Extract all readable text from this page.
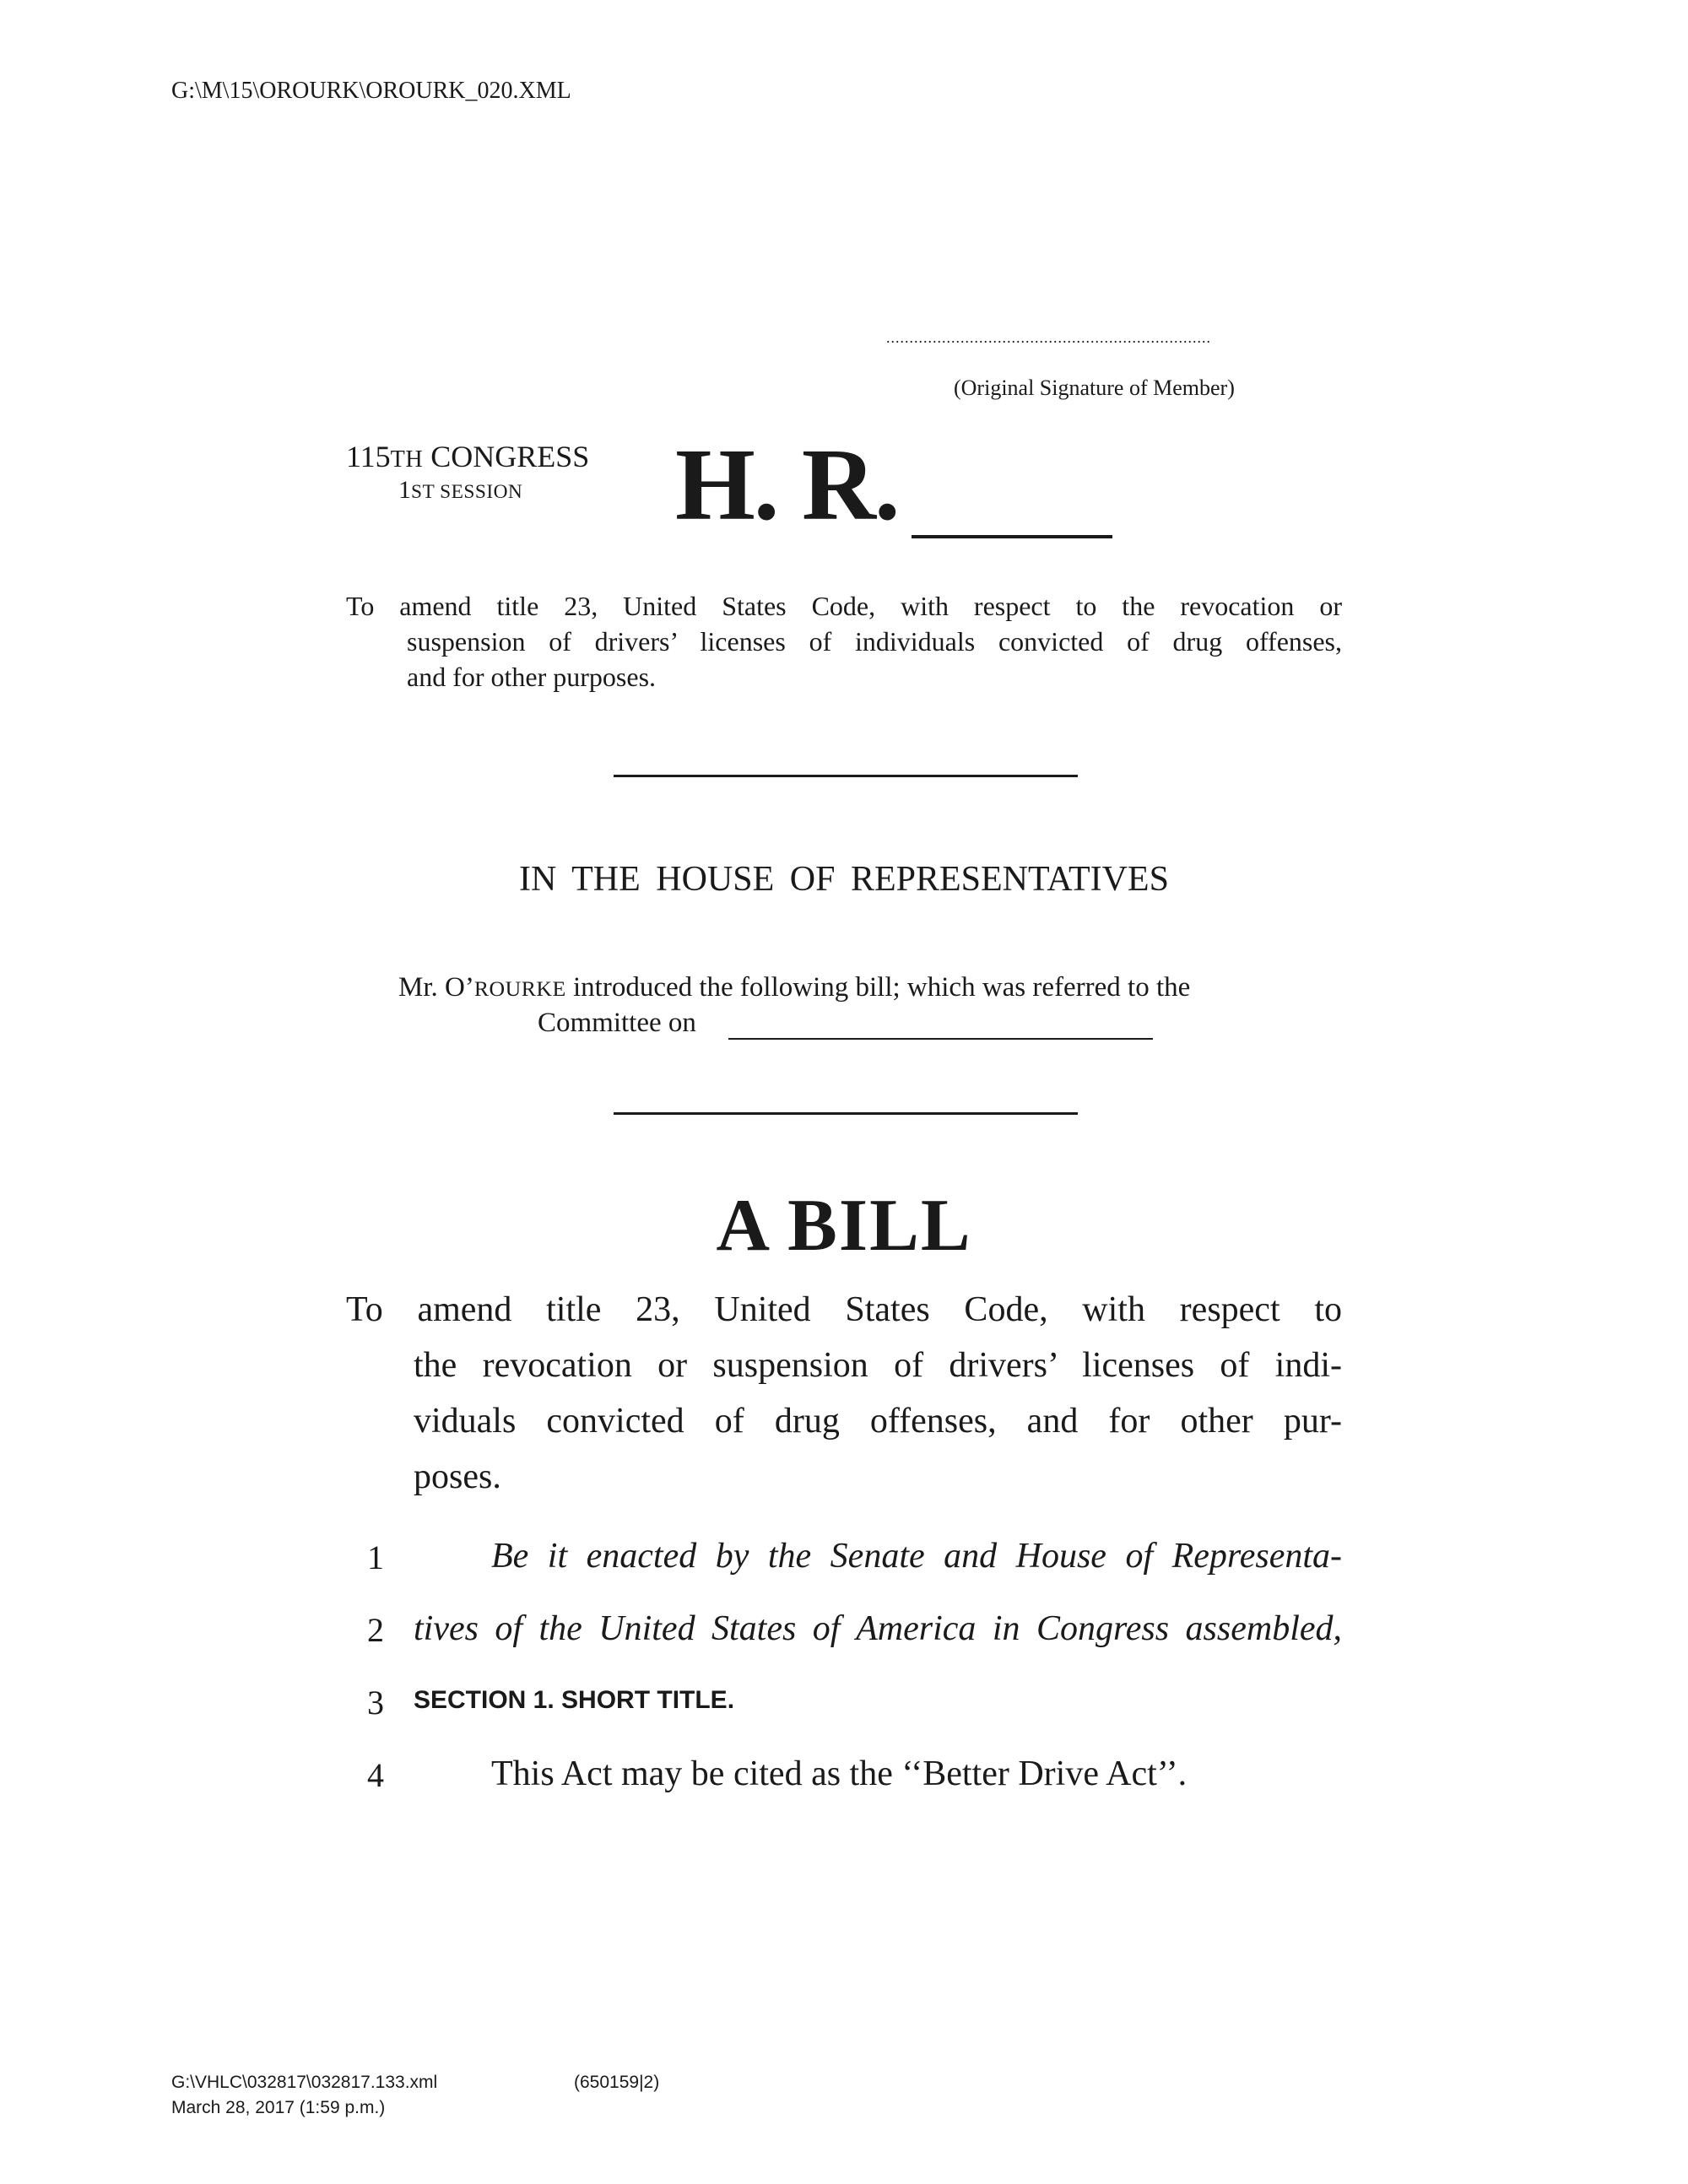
G:\M\15\OROURK\OROURK_020.XML
......................................................................
(Original Signature of Member)
115TH CONGRESS
1ST SESSION H. R.
To amend title 23, United States Code, with respect to the revocation or
suspension of drivers’ licenses of individuals convicted of drug offenses,
and for other purposes.
IN THE HOUSE OF REPRESENTATIVES
Mr. O’ROURKE introduced the following bill; which was referred to the
Committee on
A BILL
To amend title 23, United States Code, with respect to
the revocation or suspension of drivers’ licenses of indi-
viduals convicted of drug offenses, and for other pur-
poses.
1	Be it enacted by the Senate and House of Representa-
2 tives of the United States of America in Congress assembled,
3 SECTION 1. SHORT TITLE.
4	This Act may be cited as the ‘‘Better Drive Act’’.
G:\VHLC\032817\032817.133.xml	(650159|2)
March 28, 2017 (1:59 p.m.)
